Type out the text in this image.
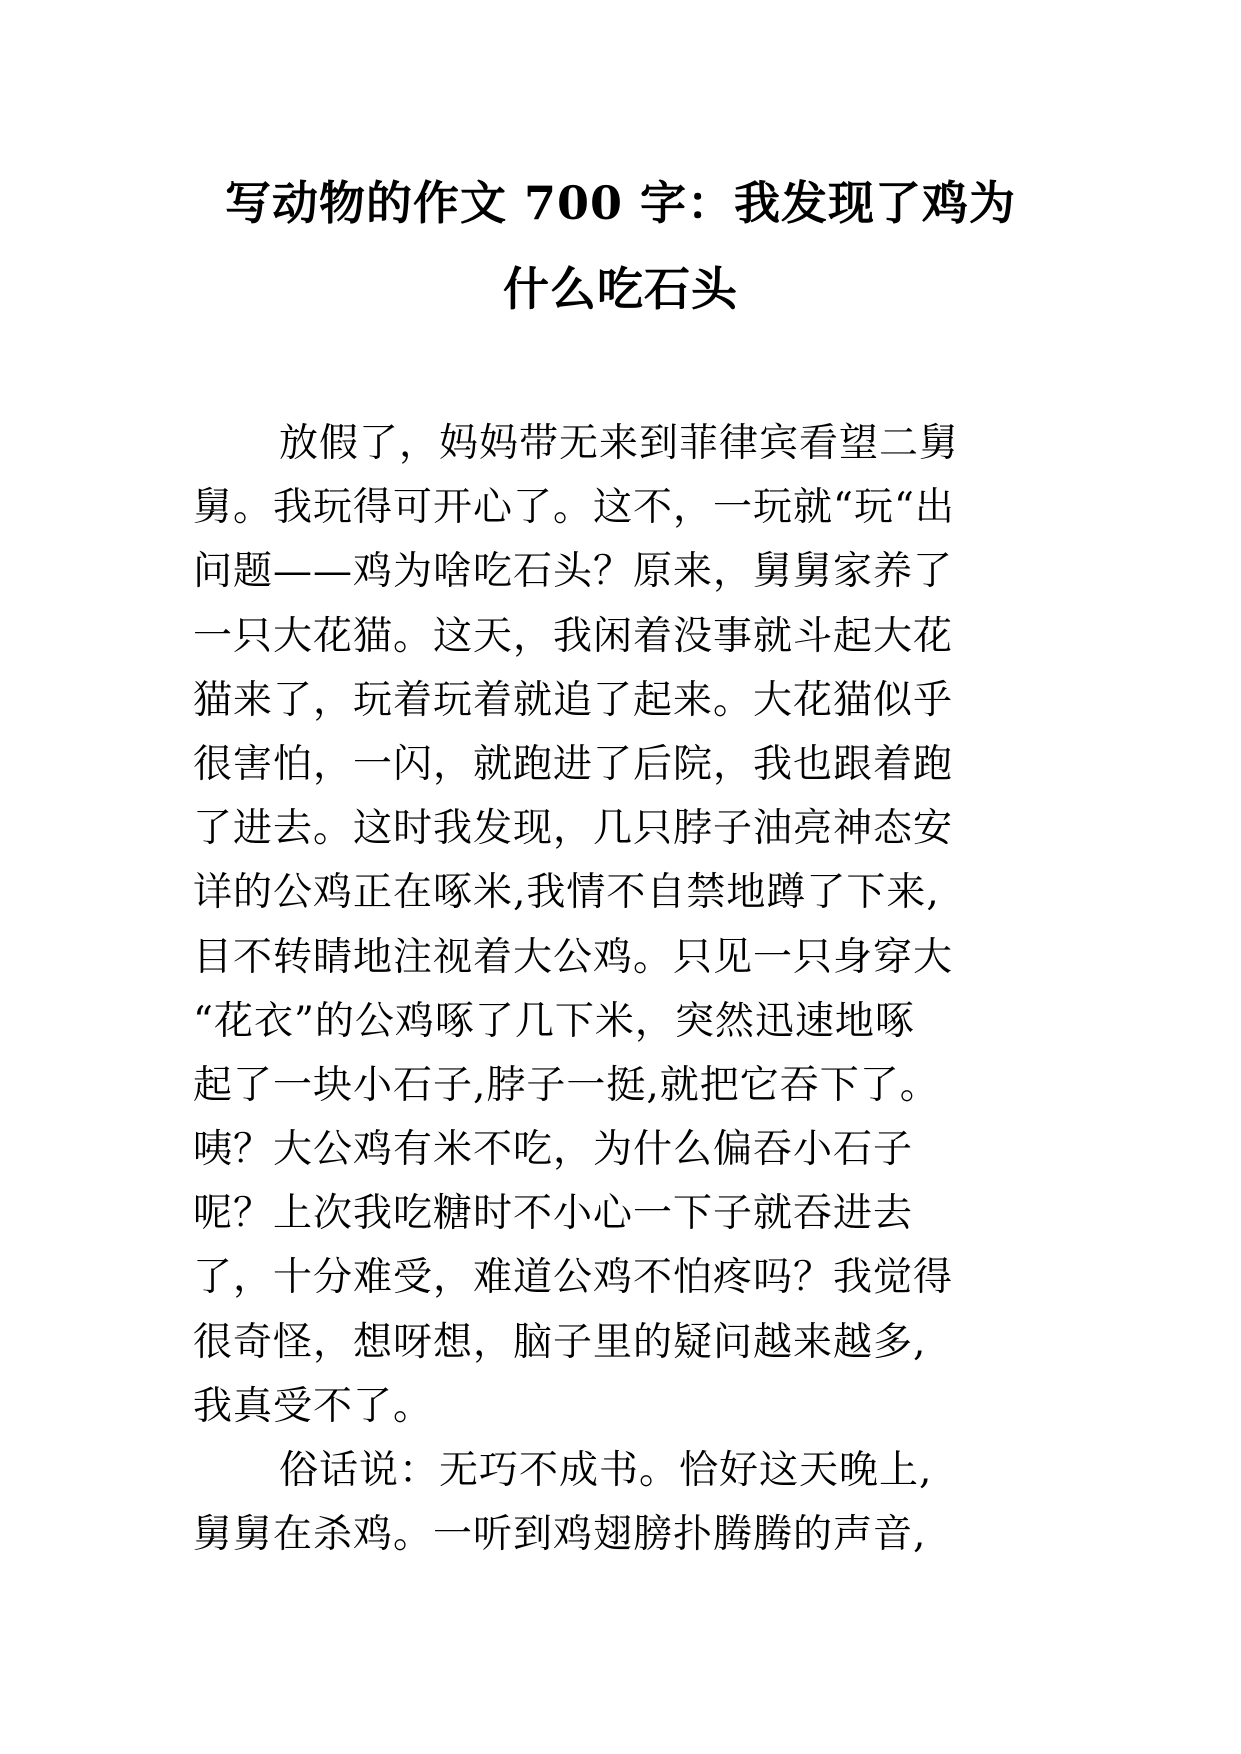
写动物的作文 700 字：我发现了鸡为
什么吃石头
放假了，妈妈带无来到菲律宾看望二舅
舅。我玩得可开心了。这不，一玩就“玩“出
问题——鸡为啥吃石头？原来，舅舅家养了
一只大花猫。这天，我闲着没事就斗起大花
猫来了，玩着玩着就追了起来。大花猫似乎
很害怕，一闪，就跑进了后院，我也跟着跑
了进去。这时我发现，几只脖子油亮神态安
详的公鸡正在啄米,我情不自禁地蹲了下来,
目不转睛地注视着大公鸡。只见一只身穿大
“花衣”的公鸡啄了几下米，突然迅速地啄
起了一块小石子,脖子一挺,就把它吞下了。
咦？大公鸡有米不吃，为什么偏吞小石子
呢？上次我吃糖时不小心一下子就吞进去
了，十分难受，难道公鸡不怕疼吗？我觉得
很奇怪，想呀想，脑子里的疑问越来越多,
我真受不了。
俗话说：无巧不成书。恰好这天晚上,
舅舅在杀鸡。一听到鸡翅膀扑腾腾的声音,
